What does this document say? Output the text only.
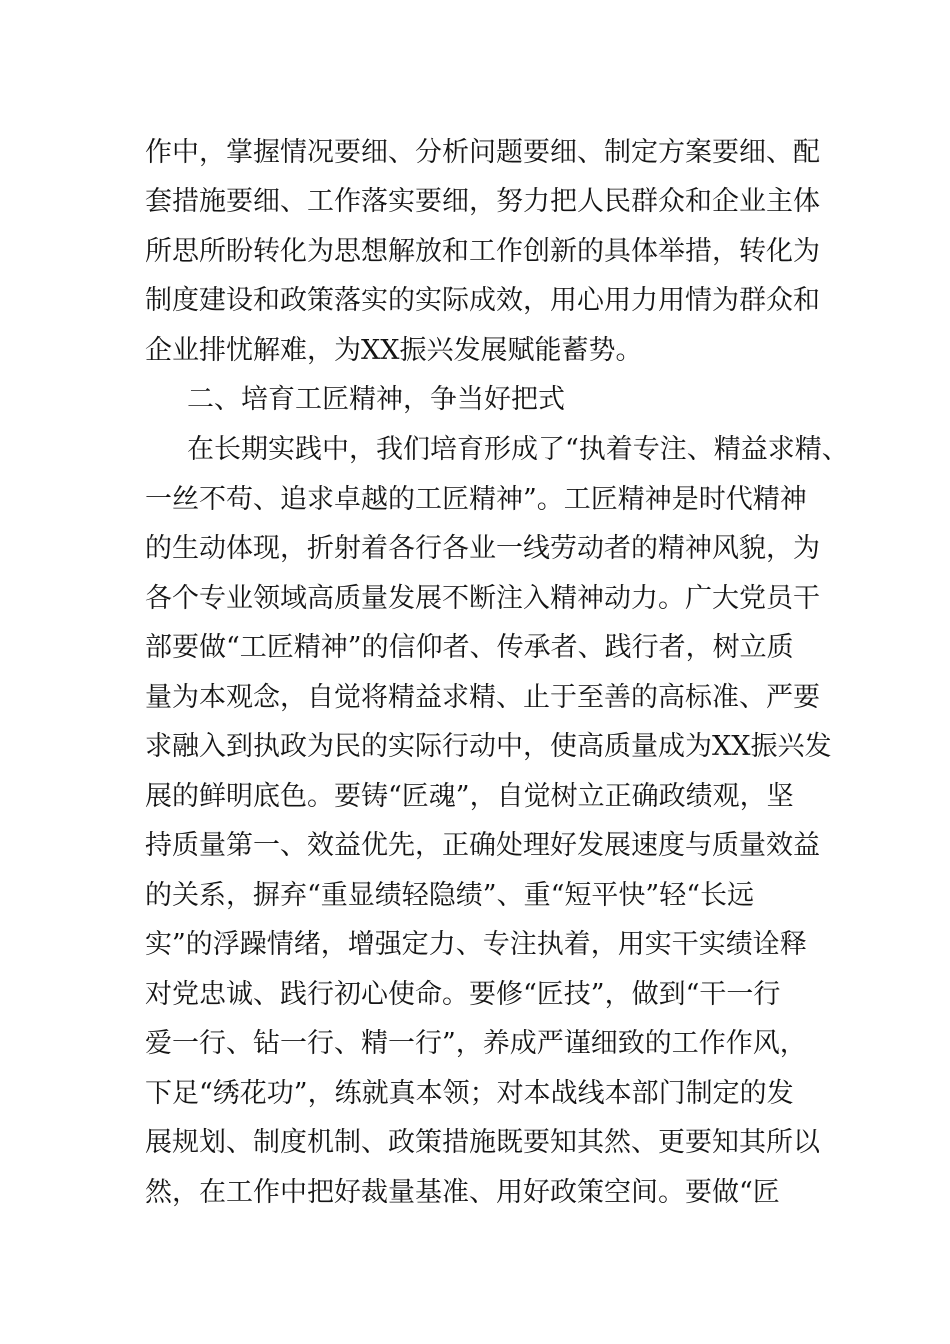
作中，掌握情况要细、分析问题要细、制定方案要细、配
套措施要细、工作落实要细，努力把人民群众和企业主体
所思所盼转化为思想解放和工作创新的具体举措，转化为
制度建设和政策落实的实际成效，用心用力用情为群众和
企业排忧解难，为XX振兴发展赋能蓄势。
二、培育工匠精神，争当好把式
在长期实践中，我们培育形成了“执着专注、精益求精、
一丝不苟、追求卓越的工匠精神”。工匠精神是时代精神
的生动体现，折射着各行各业一线劳动者的精神风貌，为
各个专业领域高质量发展不断注入精神动力。广大党员干
部要做“工匠精神”的信仰者、传承者、践行者，树立质
量为本观念，自觉将精益求精、止于至善的高标准、严要
求融入到执政为民的实际行动中，使高质量成为XX振兴发
展的鲜明底色。要铸“匠魂”，自觉树立正确政绩观，坚
持质量第一、效益优先，正确处理好发展速度与质量效益
的关系，摒弃“重显绩轻隐绩”、重“短平快”轻“长远
实”的浮躁情绪，增强定力、专注执着，用实干实绩诠释
对党忠诚、践行初心使命。要修“匠技”，做到“干一行
爱一行、钻一行、精一行”，养成严谨细致的工作作风，
下足“绣花功”，练就真本领；对本战线本部门制定的发
展规划、制度机制、政策措施既要知其然、更要知其所以
然，在工作中把好裁量基准、用好政策空间。要做“匠
